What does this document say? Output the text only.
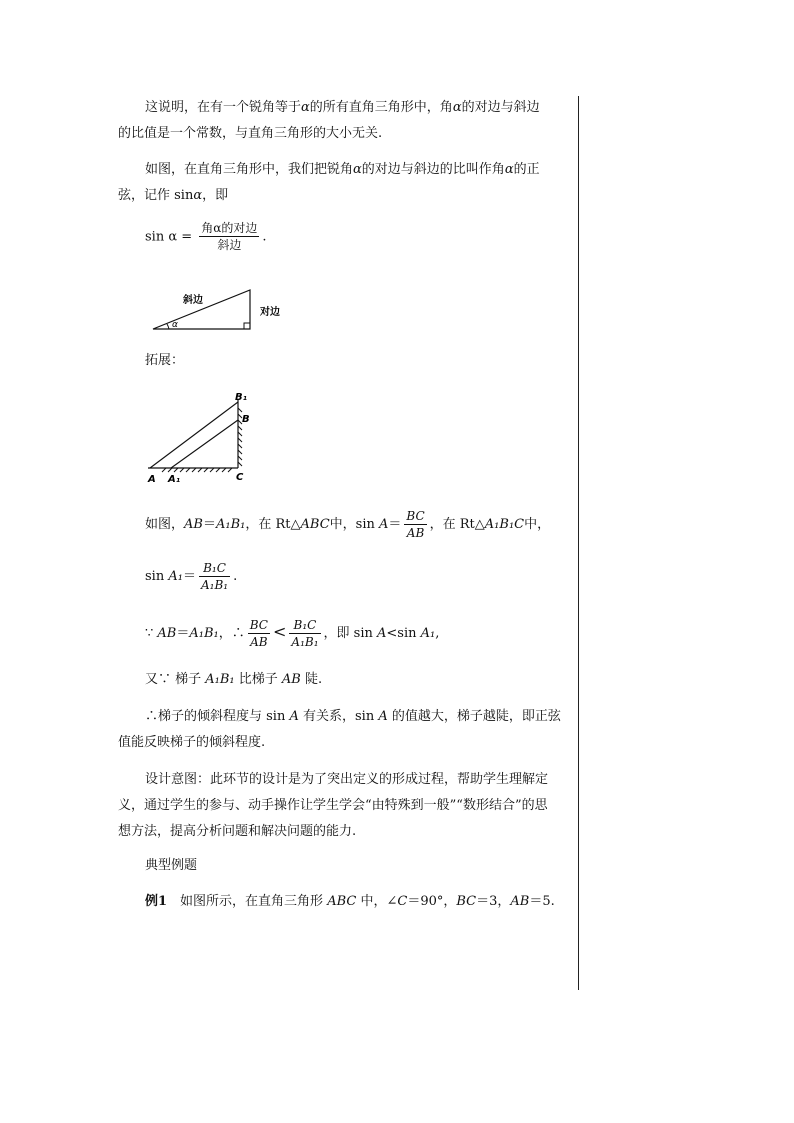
这说明，在有一个锐角等于α的所有直角三角形中，角α的对边与斜边
的比值是一个常数，与直角三角形的大小无关.
如图，在直角三角形中，我们把锐角α的对边与斜边的比叫作角α的正
弦，记作 sinα，即
$\sin \alpha = \frac{\text{角α的对边}}{\text{斜边}}$ .
斜边
对边
α
拓展：
A A₁	C
B
B₁
如图，AB＝A₁B₁，在 Rt△ABC中，$\sin A= \frac{BC}{AB}$ ，在 Rt△A₁B₁C中，
$\sin A_1= \frac{\text{B₁C}}{\text{A₁B₁}}$ .
∵ AB＝A₁B₁，∴ $\frac{BC}{AB} < \frac{\text{B₁C}}{\text{A₁B₁}}$ ，即 sin A<sin A₁,
又∵ 梯子 A₁B₁ 比梯子 AB 陡.
∴梯子的倾斜程度与 sin A 有关系，sin A 的值越大，梯子越陡，即正弦
值能反映梯子的倾斜程度.
设计意图：此环节的设计是为了突出定义的形成过程，帮助学生理解定
义，通过学生的参与、动手操作让学生学会“由特殊到一般”“数形结合”的思
想方法，提高分析问题和解决问题的能力.
典型例题
例1　如图所示，在直角三角形 ABC 中，∠C＝90°，BC＝3，AB＝5.
